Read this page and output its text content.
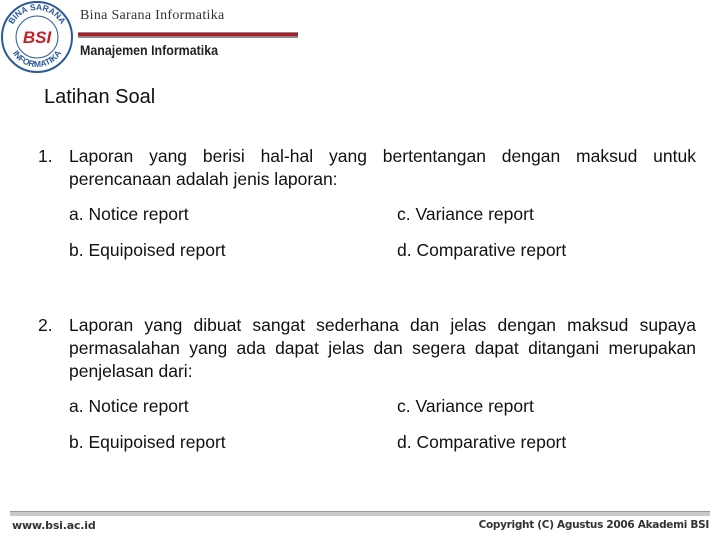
BINA SARANA
INFORMATIKA
BSI
Bina Sarana Informatika
Manajemen Informatika
Latihan Soal
1. Laporan yang berisi hal-hal yang bertentangan dengan maksud untuk perencanaan adalah jenis laporan:
a. Notice report	c. Variance report
b. Equipoised report	d. Comparative report
2. Laporan yang dibuat sangat sederhana dan jelas dengan maksud supaya permasalahan yang ada dapat jelas dan segera dapat ditangani merupakan penjelasan dari:
a. Notice report	c. Variance report
b. Equipoised report	d. Comparative report
www.bsi.ac.id	Copyright (C) Agustus 2006 Akademi BSI
